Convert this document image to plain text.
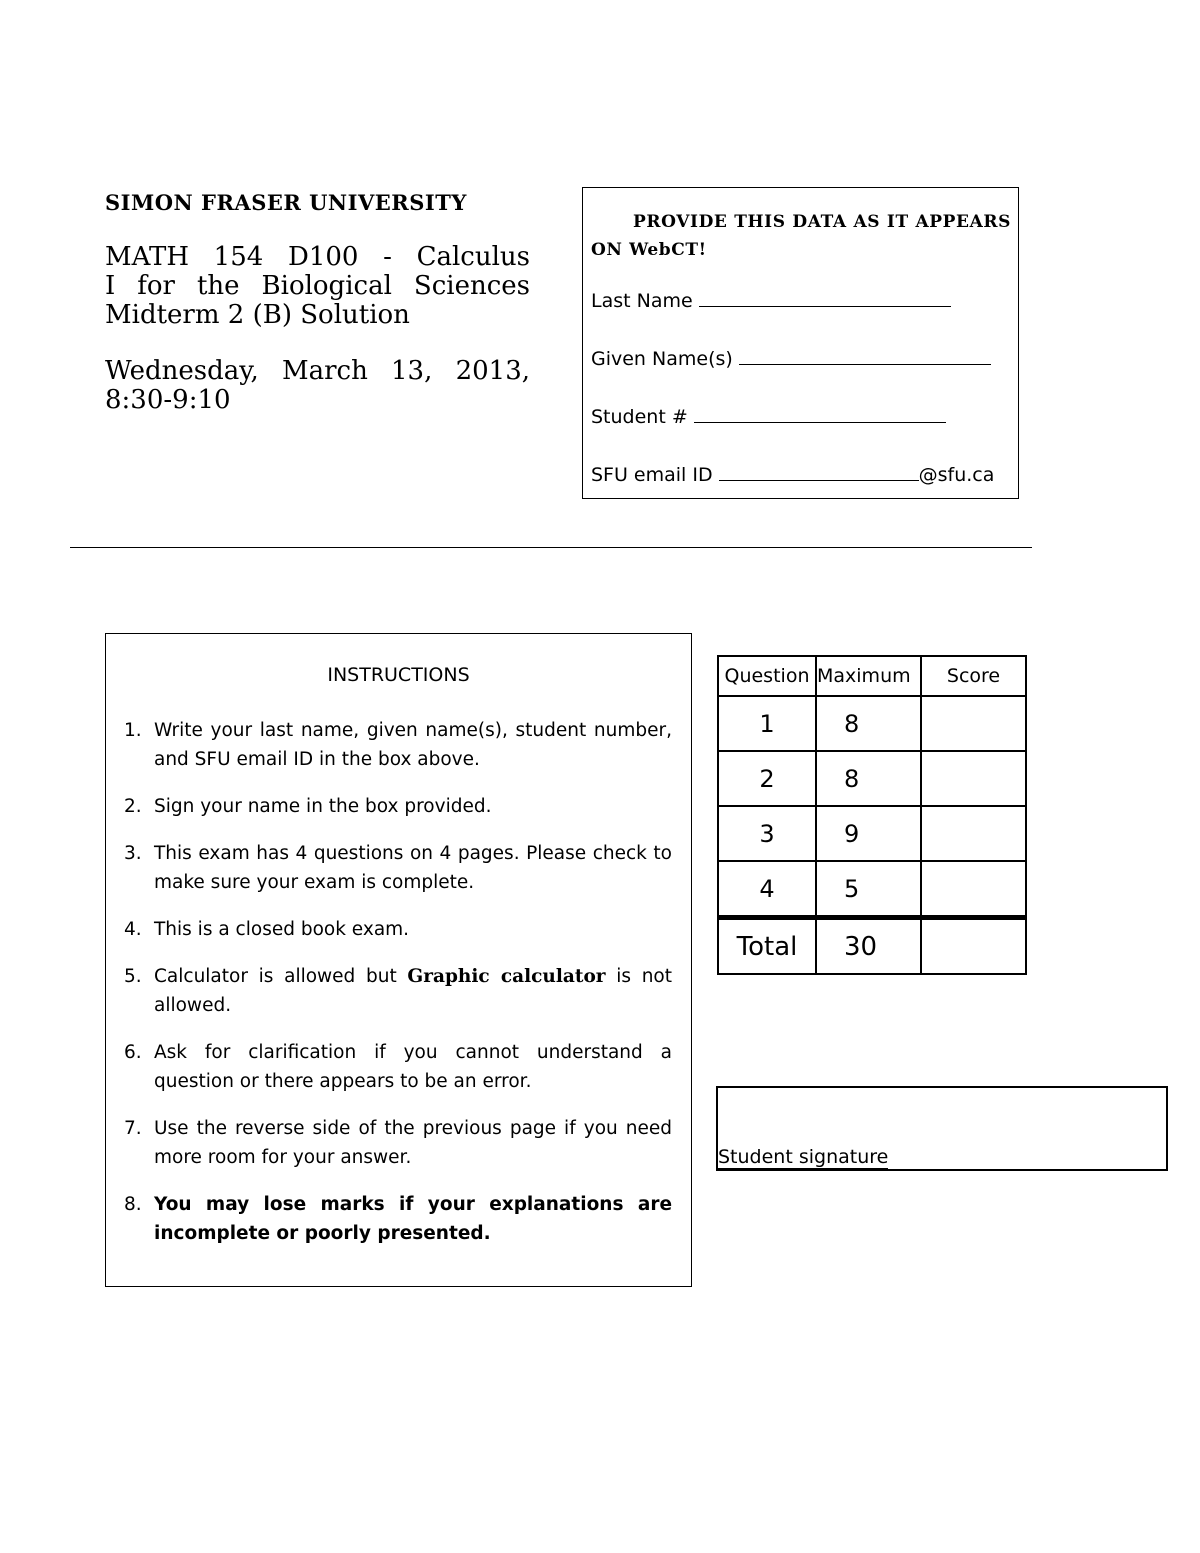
SIMON FRASER UNIVERSITY
MATH 154 D100 - Calculus
I for the Biological Sciences
Midterm 2 (B) Solution
Wednesday, March 13, 2013,
8:30-9:10
PROVIDE THIS DATA AS IT APPEARS ON WebCT!
Last Name
Given Name(s)
Student #
SFU email ID	@sfu.ca
INSTRUCTIONS
1. Write your last name, given name(s), student number, and SFU email ID in the box above.
2. Sign your name in the box provided.
3. This exam has 4 questions on 4 pages. Please check to make sure your exam is complete.
4. This is a closed book exam.
5. Calculator is allowed but Graphic calculator is not allowed.
6. Ask for clarification if you cannot understand a question or there appears to be an error.
7. Use the reverse side of the previous page if you need more room for your answer.
8. You may lose marks if your explanations are incomplete or poorly presented.
Question	Maximum	Score
1	8	
2	8	
3	9	
4	5	
Total	30	
Student signature
